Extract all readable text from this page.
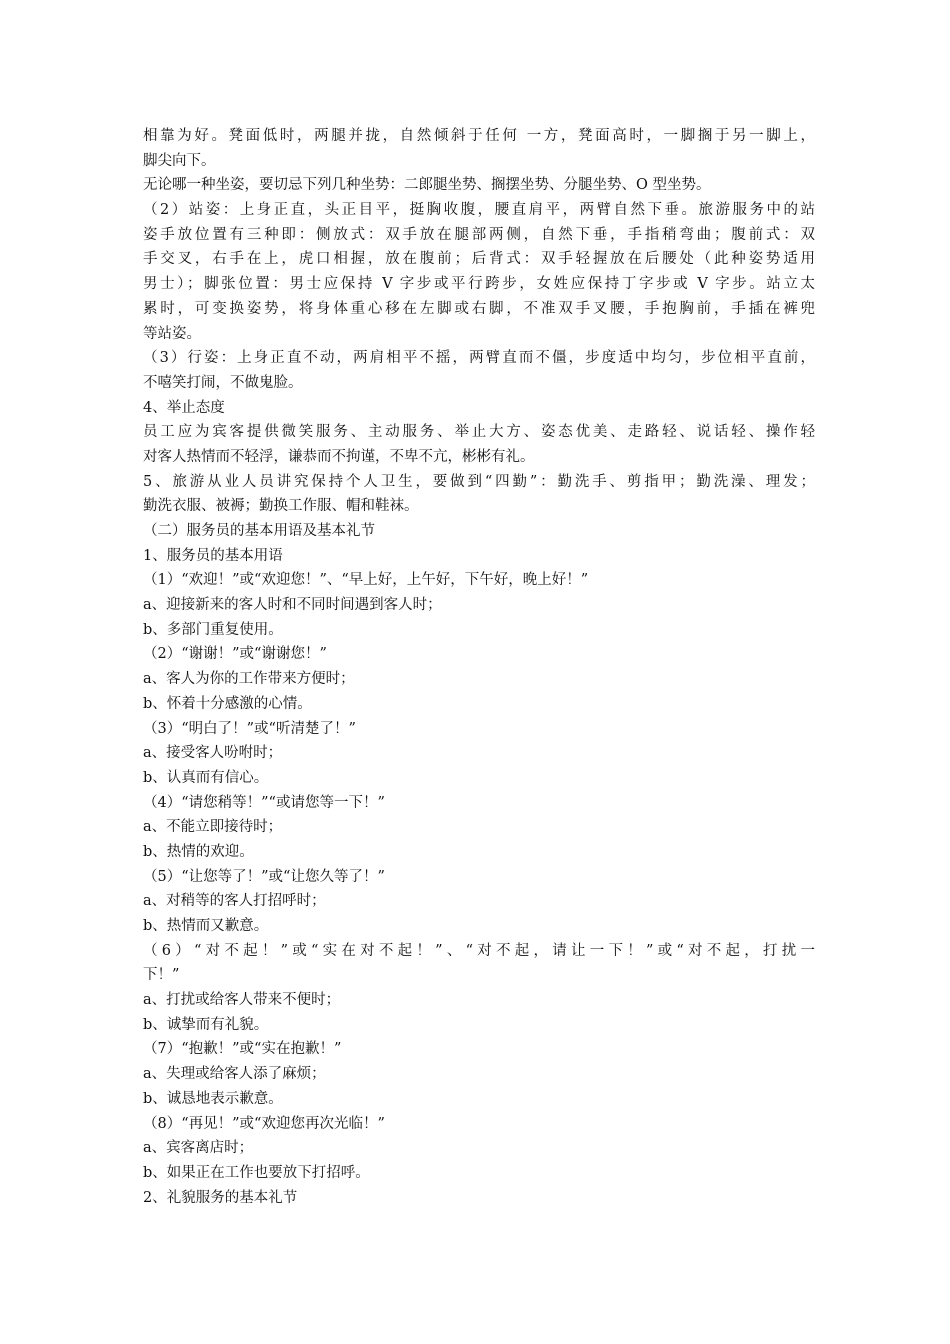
相靠为好。凳面低时，两腿并拢，自然倾斜于任何 一方，凳面高时，一脚搁于另一脚上，
脚尖向下。
无论哪一种坐姿，要切忌下列几种坐势：二郎腿坐势、搁摆坐势、分腿坐势、O 型坐势。
（2）站姿：上身正直，头正目平，挺胸收腹，腰直肩平，两臂自然下垂。旅游服务中的站
姿手放位置有三种即：侧放式：双手放在腿部两侧，自然下垂，手指稍弯曲；腹前式：双
手交叉，右手在上，虎口相握，放在腹前；后背式：双手轻握放在后腰处（此种姿势适用
男士）；脚张位置：男士应保持 V 字步或平行跨步，女姓应保持丁字步或 V 字步。站立太
累时，可变换姿势，将身体重心移在左脚或右脚，不准双手叉腰，手抱胸前，手插在裤兜
等站姿。
（3）行姿：上身正直不动，两肩相平不摇，两臂直而不僵，步度适中均匀，步位相平直前，
不嘻笑打闹，不做鬼脸。
4、举止态度
员工应为宾客提供微笑服务、主动服务、举止大方、姿态优美、走路轻、说话轻、操作轻
对客人热情而不轻浮，谦恭而不拘谨，不卑不亢，彬彬有礼。
5、旅游从业人员讲究保持个人卫生，要做到“四勤”：勤洗手、剪指甲；勤洗澡、理发；
勤洗衣服、被褥；勤换工作服、帽和鞋袜。
（二）服务员的基本用语及基本礼节
1、服务员的基本用语
（1）“欢迎！”或“欢迎您！”、“早上好，上午好，下午好，晚上好！”
a、迎接新来的客人时和不同时间遇到客人时；
b、多部门重复使用。
（2）“谢谢！”或“谢谢您！”
a、客人为你的工作带来方便时；
b、怀着十分感激的心情。
（3）“明白了！”或“听清楚了！”
a、接受客人吩咐时；
b、认真而有信心。
（4）“请您稍等！”“或请您等一下！”
a、不能立即接待时；
b、热情的欢迎。
（5）“让您等了！”或“让您久等了！”
a、对稍等的客人打招呼时；
b、热情而又歉意。
（6）“对不起！”或“实在对不起！”、“对不起，请让一下！”或“对不起，打扰一
下！”
a、打扰或给客人带来不便时；
b、诚挚而有礼貌。
（7）“抱歉！”或“实在抱歉！”
a、失理或给客人添了麻烦；
b、诚恳地表示歉意。
（8）“再见！”或“欢迎您再次光临！”
a、宾客离店时；
b、如果正在工作也要放下打招呼。
2、礼貌服务的基本礼节
